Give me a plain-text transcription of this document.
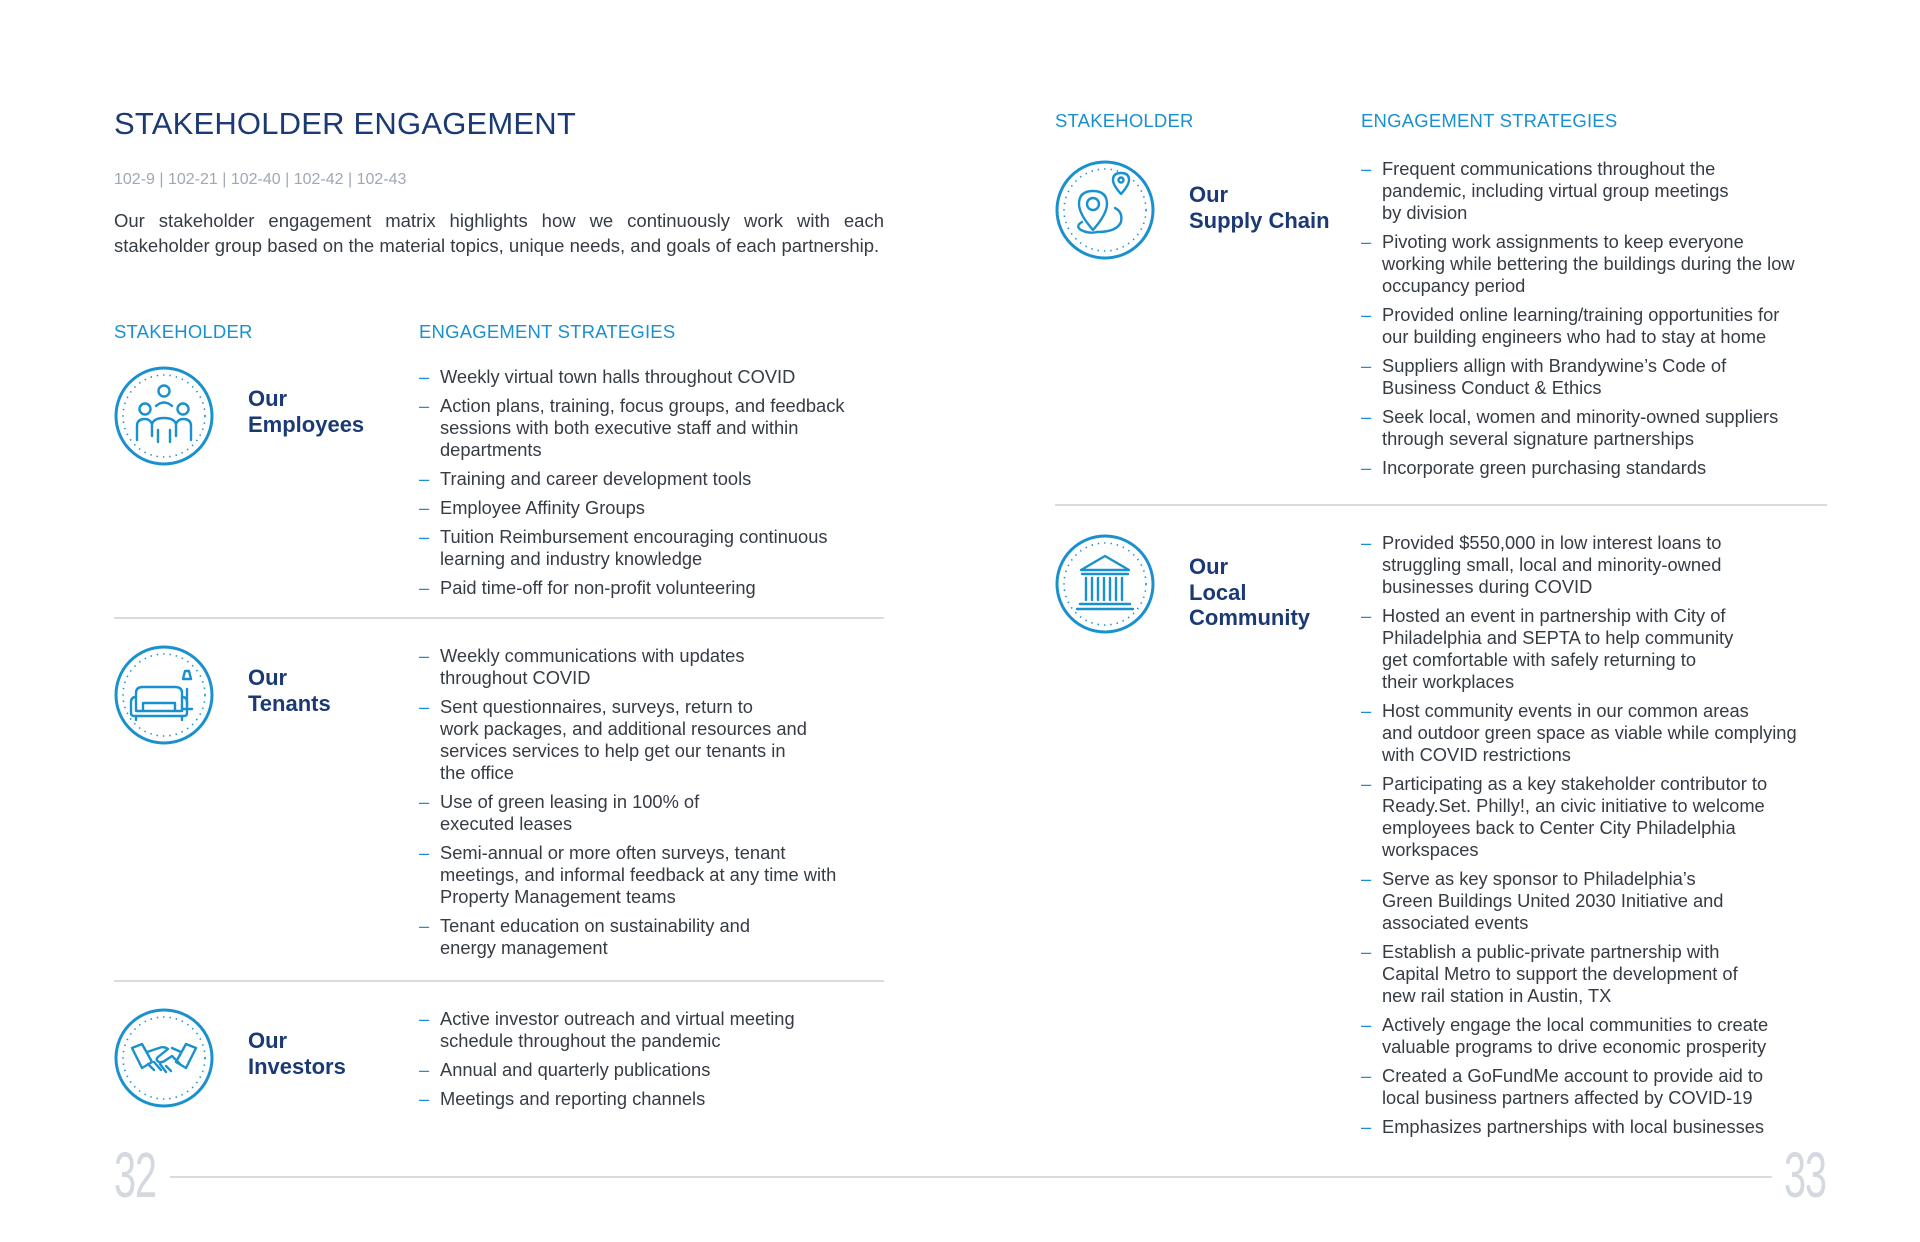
STAKEHOLDER ENGAGEMENT
102-9 | 102-21 | 102-40 | 102-42 | 102-43
Our stakeholder engagement matrix highlights how we continuously work with each stakeholder group based on the material topics, unique needs, and goals of each partnership.
STAKEHOLDER	ENGAGEMENT STRATEGIES
STAKEHOLDER	ENGAGEMENT STRATEGIES
Our
Employees
– Weekly virtual town halls throughout COVID
– Action plans, training, focus groups, and feedback
sessions with both executive staff and within
departments
– Training and career development tools
– Employee Affinity Groups
– Tuition Reimbursement encouraging continuous
learning and industry knowledge
– Paid time-off for non-profit volunteering
Our
Tenants
– Weekly communications with updates
throughout COVID
– Sent questionnaires, surveys, return to
work packages, and additional resources and
services services to help get our tenants in
the office
– Use of green leasing in 100% of
executed leases
– Semi-annual or more often surveys, tenant
meetings, and informal feedback at any time with
Property Management teams
– Tenant education on sustainability and
energy management
Our
Investors
– Active investor outreach and virtual meeting
schedule throughout the pandemic
– Annual and quarterly publications
– Meetings and reporting channels
Our
Supply Chain
– Frequent communications throughout the
pandemic, including virtual group meetings
by division
– Pivoting work assignments to keep everyone
working while bettering the buildings during the low
occupancy period
– Provided online learning/training opportunities for
our building engineers who had to stay at home
– Suppliers allign with Brandywine’s Code of
Business Conduct & Ethics
– Seek local, women and minority-owned suppliers
through several signature partnerships
– Incorporate green purchasing standards
Our
Local
Community
– Provided $550,000 in low interest loans to
struggling small, local and minority-owned
businesses during COVID
– Hosted an event in partnership with City of
Philadelphia and SEPTA to help community
get comfortable with safely returning to
their workplaces
– Host community events in our common areas
and outdoor green space as viable while complying
with COVID restrictions
– Participating as a key stakeholder contributor to
Ready.Set. Philly!, an civic initiative to welcome
employees back to Center City Philadelphia
workspaces
– Serve as key sponsor to Philadelphia’s
Green Buildings United 2030 Initiative and
associated events
– Establish a public-private partnership with
Capital Metro to support the development of
new rail station in Austin, TX
– Actively engage the local communities to create
valuable programs to drive economic prosperity
– Created a GoFundMe account to provide aid to
local business partners affected by COVID-19
– Emphasizes partnerships with local businesses
32	33
